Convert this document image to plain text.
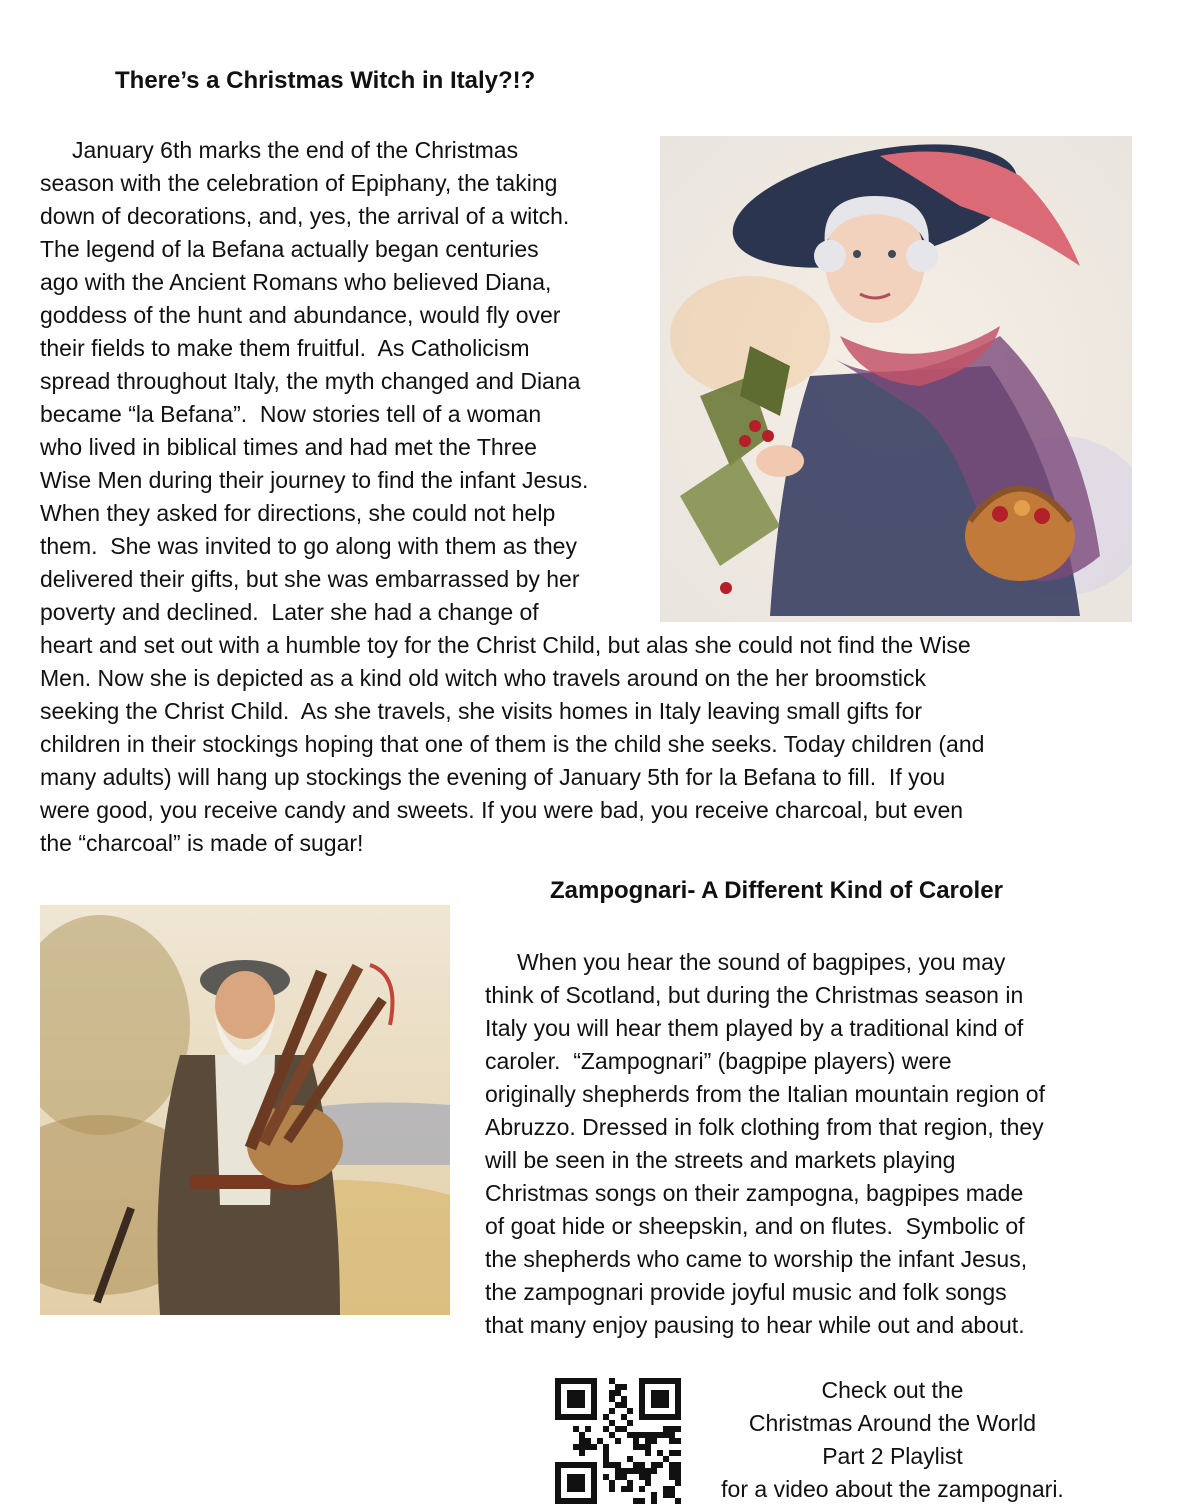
There’s a Christmas Witch in Italy?!?
January 6th marks the end of the Christmas
season with the celebration of Epiphany, the taking
down of decorations, and, yes, the arrival of a witch.
The legend of la Befana actually began centuries
ago with the Ancient Romans who believed Diana,
goddess of the hunt and abundance, would fly over
their fields to make them fruitful.  As Catholicism
spread throughout Italy, the myth changed and Diana
became “la Befana”.  Now stories tell of a woman
who lived in biblical times and had met the Three
Wise Men during their journey to find the infant Jesus.
When they asked for directions, she could not help
them.  She was invited to go along with them as they
delivered their gifts, but she was embarrassed by her
poverty and declined.  Later she had a change of
heart and set out with a humble toy for the Christ Child, but alas she could not find the Wise
Men. Now she is depicted as a kind old witch who travels around on the her broomstick
seeking the Christ Child.  As she travels, she visits homes in Italy leaving small gifts for
children in their stockings hoping that one of them is the child she seeks. Today children (and
many adults) will hang up stockings the evening of January 5th for la Befana to fill.  If you
were good, you receive candy and sweets. If you were bad, you receive charcoal, but even
the “charcoal” is made of sugar!
Zampognari- A Different Kind of Caroler
When you hear the sound of bagpipes, you may
think of Scotland, but during the Christmas season in
Italy you will hear them played by a traditional kind of
caroler.  “Zampognari” (bagpipe players) were
originally shepherds from the Italian mountain region of
Abruzzo. Dressed in folk clothing from that region, they
will be seen in the streets and markets playing
Christmas songs on their zampogna, bagpipes made
of goat hide or sheepskin, and on flutes.  Symbolic of
the shepherds who came to worship the infant Jesus,
the zampognari provide joyful music and folk songs
that many enjoy pausing to hear while out and about.
Check out the
Christmas Around the World
Part 2 Playlist
for a video about the zampognari.
